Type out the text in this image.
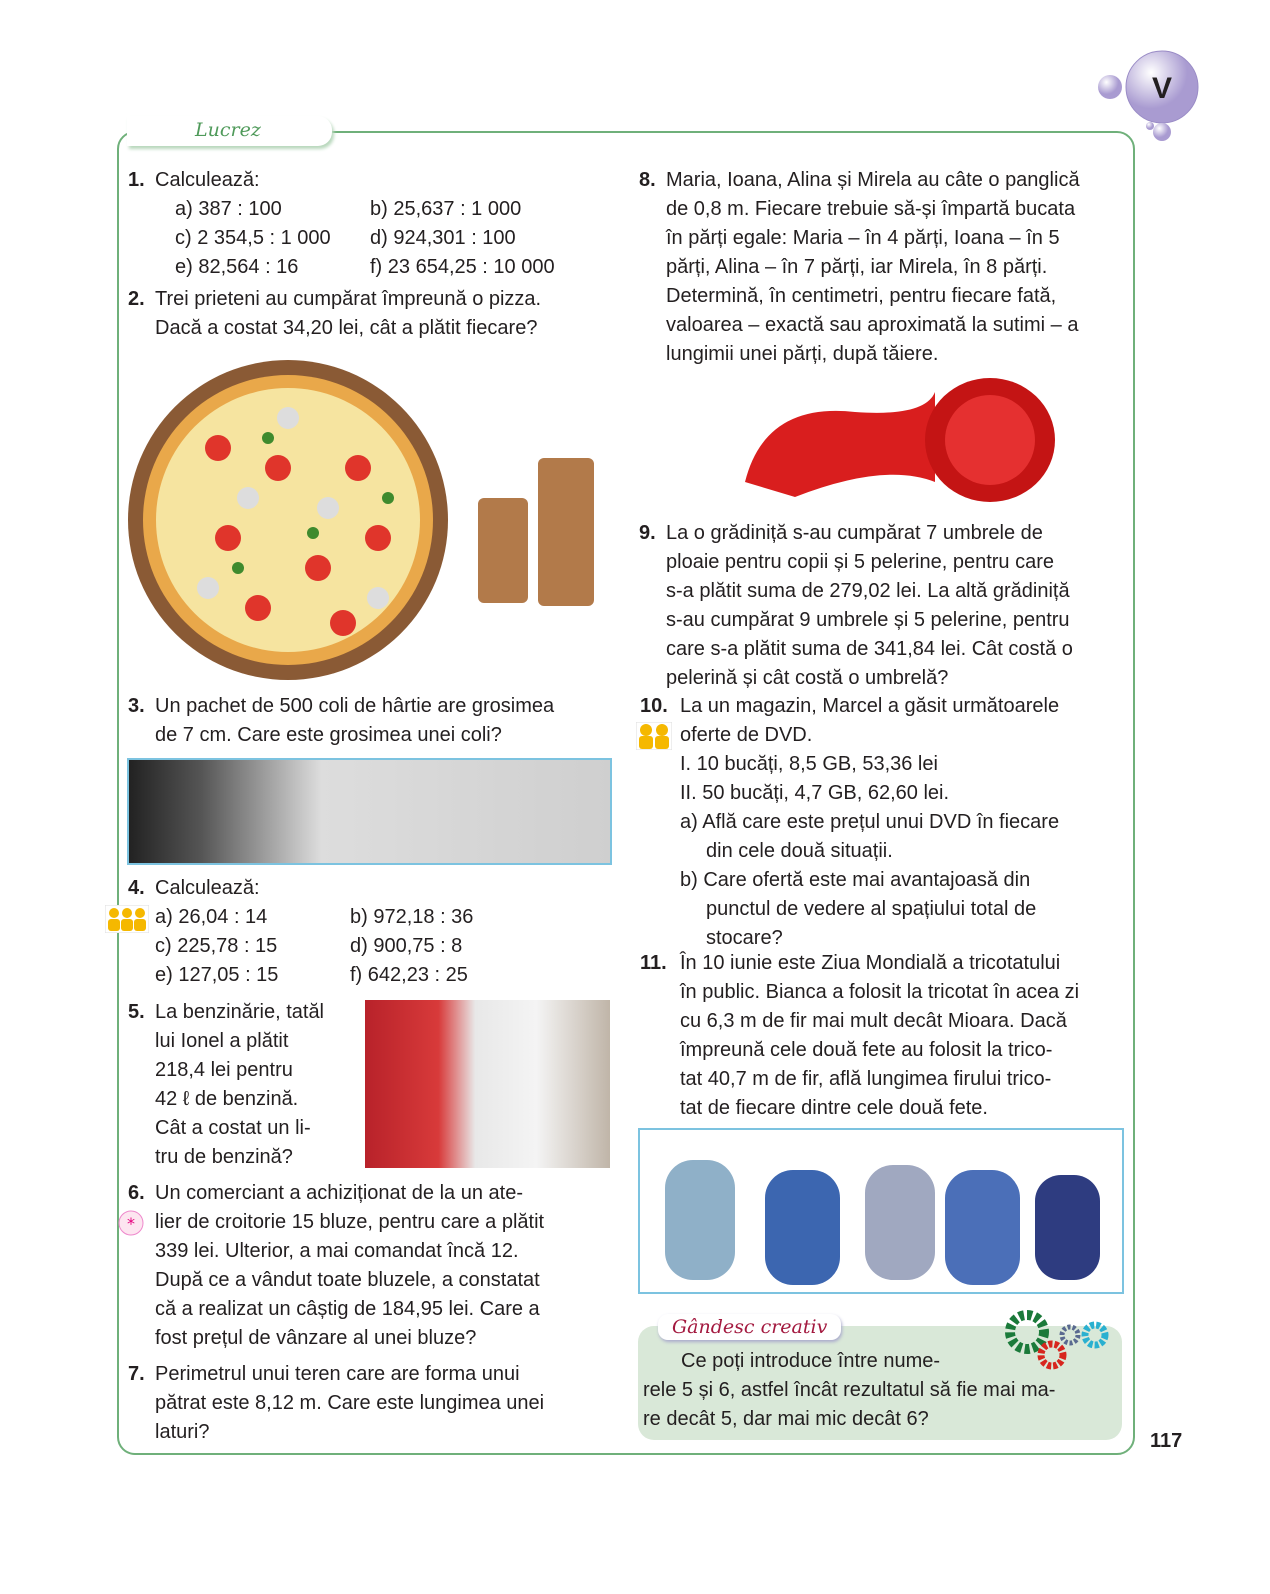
Lucrez
V
1. Calculează:
a) 387 : 100	b) 25,637 : 1 000
c) 2 354,5 : 1 000	d) 924,301 : 100
e) 82,564 : 16	f) 23 654,25 : 10 000
2. Trei prieteni au cumpărat împreună o pizza.
Dacă a costat 34,20 lei, cât a plătit fiecare?
3. Un pachet de 500 coli de hârtie are grosimea
de 7 cm. Care este grosimea unei coli?
4. Calculează:
a) 26,04 : 14	b) 972,18 : 36
c) 225,78 : 15	d) 900,75 : 8
e) 127,05 : 15	f) 642,23 : 25
5. La benzinărie, tatăl
lui Ionel a plătit
218,4 lei pentru
42 ℓ de benzină.
Cât a costat un li-
tru de benzină?
6. Un comerciant a achiziționat de la un ate-
lier de croitorie 15 bluze, pentru care a plătit
339 lei. Ulterior, a mai comandat încă 12.
După ce a vândut toate bluzele, a constatat
că a realizat un câștig de 184,95 lei. Care a
fost prețul de vânzare al unei bluze?
*
7. Perimetrul unui teren care are forma unui
pătrat este 8,12 m. Care este lungimea unei
laturi?
8. Maria, Ioana, Alina și Mirela au câte o panglică
de 0,8 m. Fiecare trebuie să-și împartă bucata
în părți egale: Maria – în 4 părți, Ioana – în 5
părți, Alina – în 7 părți, iar Mirela, în 8 părți.
Determină, în centimetri, pentru fiecare fată,
valoarea – exactă sau aproximată la sutimi – a
lungimii unei părți, după tăiere.
9. La o grădiniță s-au cumpărat 7 umbrele de
ploaie pentru copii și 5 pelerine, pentru care
s-a plătit suma de 279,02 lei. La altă grădiniță
s-au cumpărat 9 umbrele și 5 pelerine, pentru
care s-a plătit suma de 341,84 lei. Cât costă o
pelerină și cât costă o umbrelă?
10. La un magazin, Marcel a găsit următoarele
oferte de DVD.
I. 10 bucăți, 8,5 GB, 53,36 lei
II. 50 bucăți, 4,7 GB, 62,60 lei.
a) Află care este prețul unui DVD în fiecare
din cele două situații.
b) Care ofertă este mai avantajoasă din
punctul de vedere al spațiului total de
stocare?
11. În 10 iunie este Ziua Mondială a tricotatului
în public. Bianca a folosit la tricotat în acea zi
cu 6,3 m de fir mai mult decât Mioara. Dacă
împreună cele două fete au folosit la trico-
tat 40,7 m de fir, află lungimea firului trico-
tat de fiecare dintre cele două fete.
Gândesc creativ
Ce poți introduce între nume-
rele 5 și 6, astfel încât rezultatul să fie mai ma-
re decât 5, dar mai mic decât 6?
117
